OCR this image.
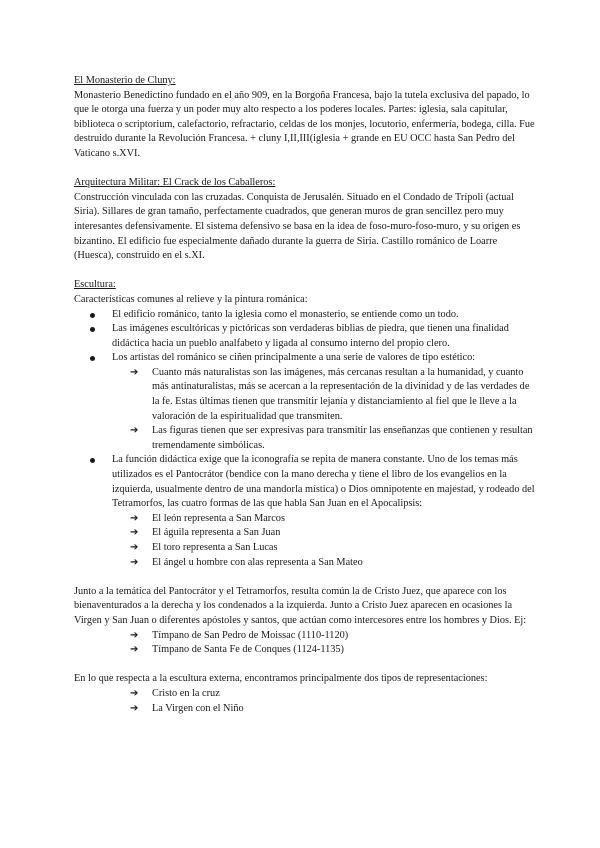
El Monasterio de Cluny:

Monasterio Benedictino fundado en el año 909, en la Borgoña Francesa, bajo la tutela exclusiva del papado, lo que le otorga una fuerza y un poder muy alto respecto a los poderes locales. Partes: iglesia, sala capitular, biblioteca o scriptorium, calefactorio, refractario, celdas de los monjes, locutorio, enfermería, bodega, cilla. Fue destruido durante la Revolución Francesa. + cluny I,II,III(iglesia + grande en EU OCC hasta San Pedro del Vaticano s.XVI.

Arquitectura Militar: El Crack de los Caballeros:

Construcción vinculada con las cruzadas. Conquista de Jerusalén. Situado en el Condado de Trípoli (actual Siria). Sillares de gran tamaño, perfectamente cuadrados, que generan muros de gran sencillez pero muy interesantes defensivamente. El sistema defensivo se basa en la idea de foso-muro-foso-muro, y su origen es bizantino. El edificio fue especialmente dañado durante la guerra de Siria. Castillo románico de Loarre (Huesca), construido en el s.XI.

Escultura:

Características comunes al relieve y la pintura románica:

El edificio románico, tanto la iglesia como el monasterio, se entiende como un todo.
Las imágenes escultóricas y pictóricas son verdaderas biblias de piedra, que tienen una finalidad didáctica hacia un pueblo analfabeto y ligada al consumo interno del propio clero.
Los artistas del románico se ciñen principalmente a una serie de valores de tipo estético:
➔ Cuanto más naturalistas son las imágenes, más cercanas resultan a la humanidad, y cuanto más antinaturalistas, más se acercan a la representación de la divinidad y de las verdades de la fe. Estas últimas tienen que transmitir lejanía y distanciamiento al fiel que le lleve a la valoración de la espiritualidad que transmiten.
➔ Las figuras tienen que ser expresivas para transmitir las enseñanzas que contienen y resultan tremendamente simbólicas.
La función didáctica exige que la iconografía se repita de manera constante. Uno de los temas más utilizados es el Pantocrátor (bendice con la mano derecha y tiene el libro de los evangelios en la izquierda, usualmente dentro de una mandorla mística) o Dios omnipotente en majestad, y rodeado del Tetramorfos, las cuatro formas de las que habla San Juan en el Apocalipsis:
➔ El león representa a San Marcos
➔ El águila representa a San Juan
➔ El toro representa a San Lucas
➔ El ángel u hombre con alas representa a San Mateo

Junto a la temática del Pantocrátor y el Tetramorfos, resulta común la de Cristo Juez, que aparece con los bienaventurados a la derecha y los condenados a la izquierda. Junto a Cristo Juez aparecen en ocasiones la Virgen y San Juan o diferentes apóstoles y santos, que actúan como intercesores entre los hombres y Dios. Ej:

➔ Tímpano de San Pedro de Moissac (1110-1120)
➔ Tímpano de Santa Fe de Conques (1124-1135)

En lo que respecta a la escultura externa, encontramos principalmente dos tipos de representaciones:

➔ Cristo en la cruz
➔ La Virgen con el Niño
